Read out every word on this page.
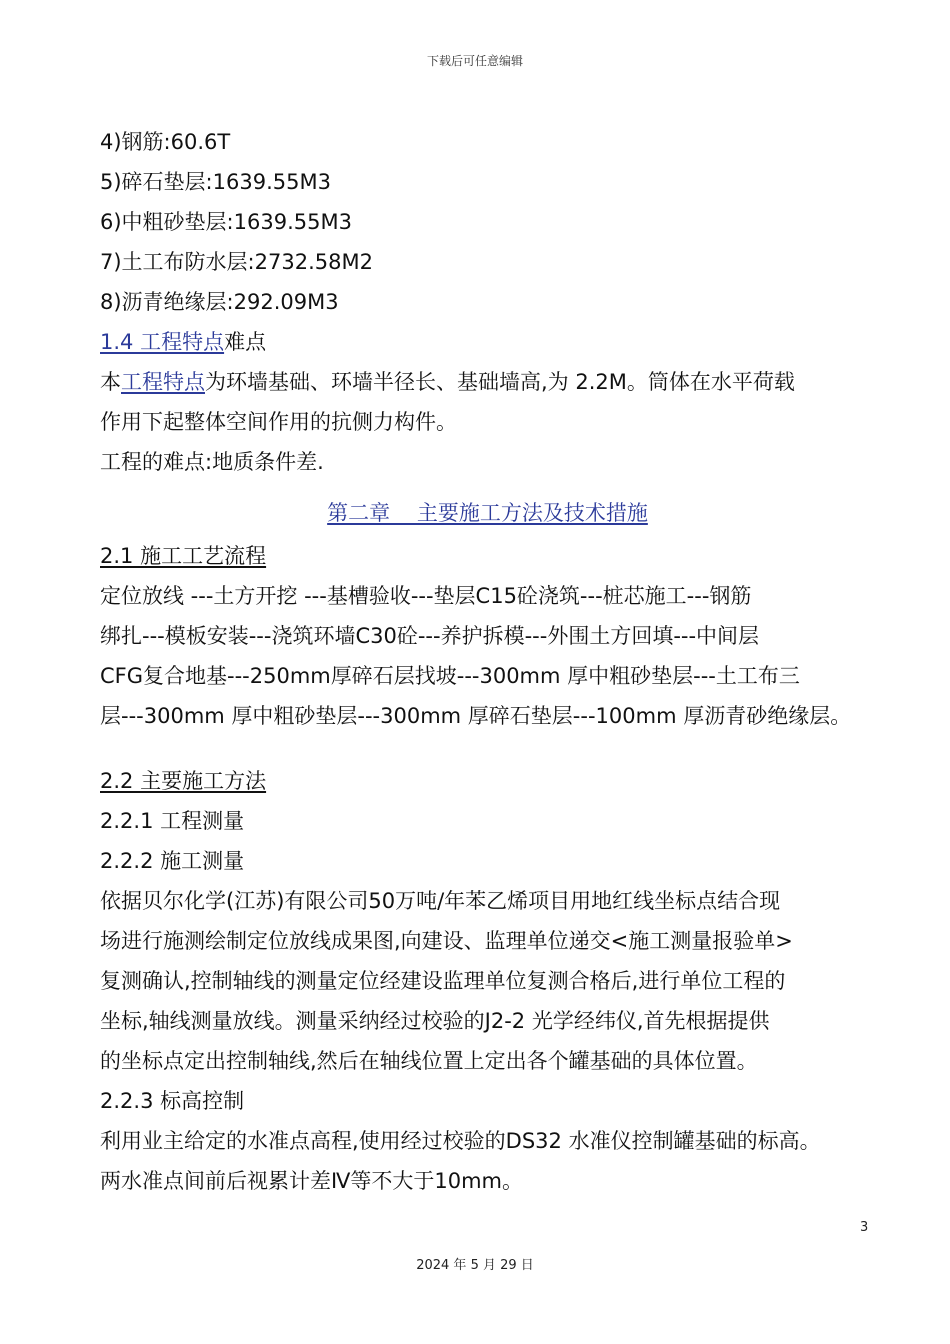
下载后可任意编辑
4)钢筋:60.6T
5)碎石垫层:1639.55M3
6)中粗砂垫层:1639.55M3
7)土工布防水层:2732.58M2
8)沥青绝缘层:292.09M3
1.4 工程特点难点
本工程特点为环墙基础、环墙半径长、基础墙高,为 2.2M。筒体在水平荷载
作用下起整体空间作用的抗侧力构件。
工程的难点:地质条件差.
第二章    主要施工方法及技术措施
2.1 施工工艺流程
定位放线 ---土方开挖 ---基槽验收---垫层C15砼浇筑---桩芯施工---钢筋
绑扎---模板安装---浇筑环墙C30砼---养护拆模---外围土方回填---中间层
CFG复合地基---250mm厚碎石层找坡---300mm 厚中粗砂垫层---土工布三
层---300mm 厚中粗砂垫层---300mm 厚碎石垫层---100mm 厚沥青砂绝缘层。
2.2 主要施工方法
2.2.1 工程测量
2.2.2 施工测量
依据贝尔化学(江苏)有限公司50万吨/年苯乙烯项目用地红线坐标点结合现
场进行施测绘制定位放线成果图,向建设、监理单位递交<施工测量报验单>
复测确认,控制轴线的测量定位经建设监理单位复测合格后,进行单位工程的
坐标,轴线测量放线。测量采纳经过校验的J2-2 光学经纬仪,首先根据提供
的坐标点定出控制轴线,然后在轴线位置上定出各个罐基础的具体位置。
2.2.3 标高控制
利用业主给定的水准点高程,使用经过校验的DS32 水准仪控制罐基础的标高。
两水准点间前后视累计差Ⅳ等不大于10mm。
3
2024 年 5 月 29 日
